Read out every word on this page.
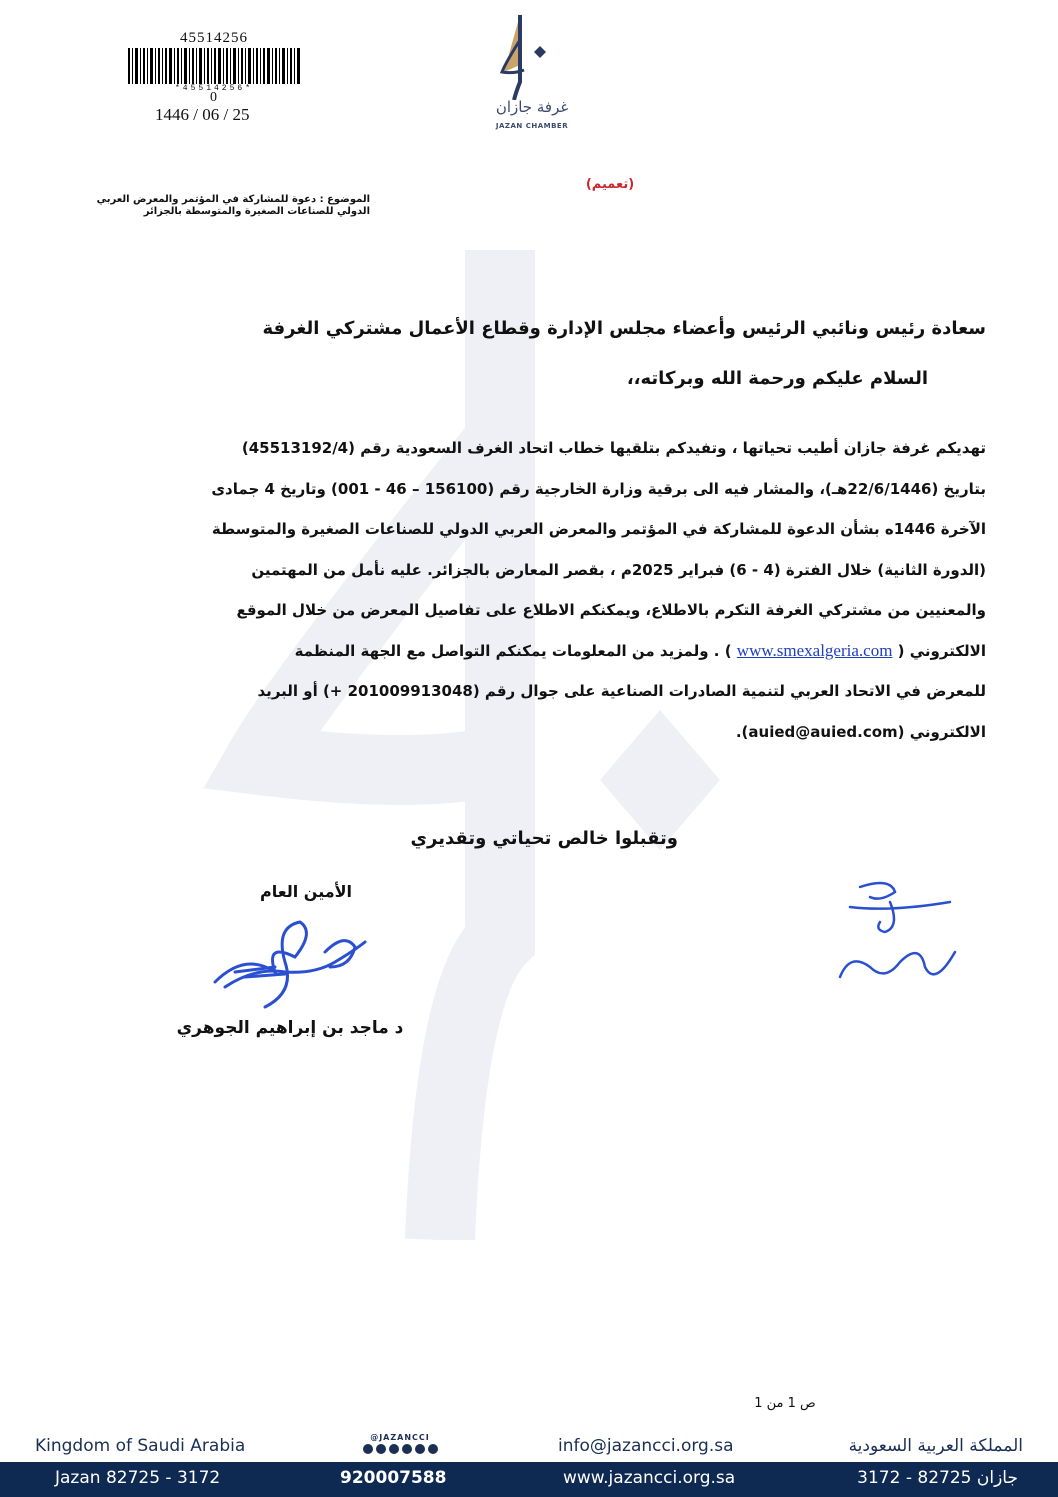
45514256
*45514256*
0
1446 / 06 / 25	غرفة جازان
JAZAN CHAMBER
(تعميم)
الموضوع : دعوة للمشاركة في المؤتمر والمعرض العربي
الدولي للصناعات الصغيرة والمتوسطة بالجزائر
سعادة رئيس ونائبي الرئيس وأعضاء مجلس الإدارة وقطاع الأعمال مشتركي الغرفة
السلام عليكم ورحمة الله وبركاته،،
تهديكم غرفة جازان أطيب تحياتها ، وتفيدكم بتلقيها خطاب اتحاد الغرف السعودية رقم (45513192/4)
بتاريخ (22/6/1446هـ)، والمشار فيه الى برقية وزارة الخارجية رقم (156100 – 46 - 001) وتاريخ 4 جمادى
الآخرة 1446ه بشأن الدعوة للمشاركة في المؤتمر والمعرض العربي الدولي للصناعات الصغيرة والمتوسطة
(الدورة الثانية) خلال الفترة (4 - 6) فبراير 2025م ، بقصر المعارض بالجزائر. عليه نأمل من المهتمين
والمعنيين من مشتركي الغرفة التكرم بالاطلاع، ويمكنكم الاطلاع على تفاصيل المعرض من خلال الموقع
الالكتروني ( www.smexalgeria.com ) . ولمزيد من المعلومات يمكنكم التواصل مع الجهة المنظمة
للمعرض في الاتحاد العربي لتنمية الصادرات الصناعية على جوال رقم (201009913048 +) أو البريد
الالكتروني (auied@auied.com).
وتقبلوا خالص تحياتي وتقديري
الأمين العام
د ماجد بن إبراهيم الجوهري
ص 1 من 1
Kingdom of Saudi Arabia	@JAZANCCI	info@jazancci.org.sa	المملكة العربية السعودية
Jazan 82725 - 3172	920007588	www.jazancci.org.sa	جازان 82725 - 3172
